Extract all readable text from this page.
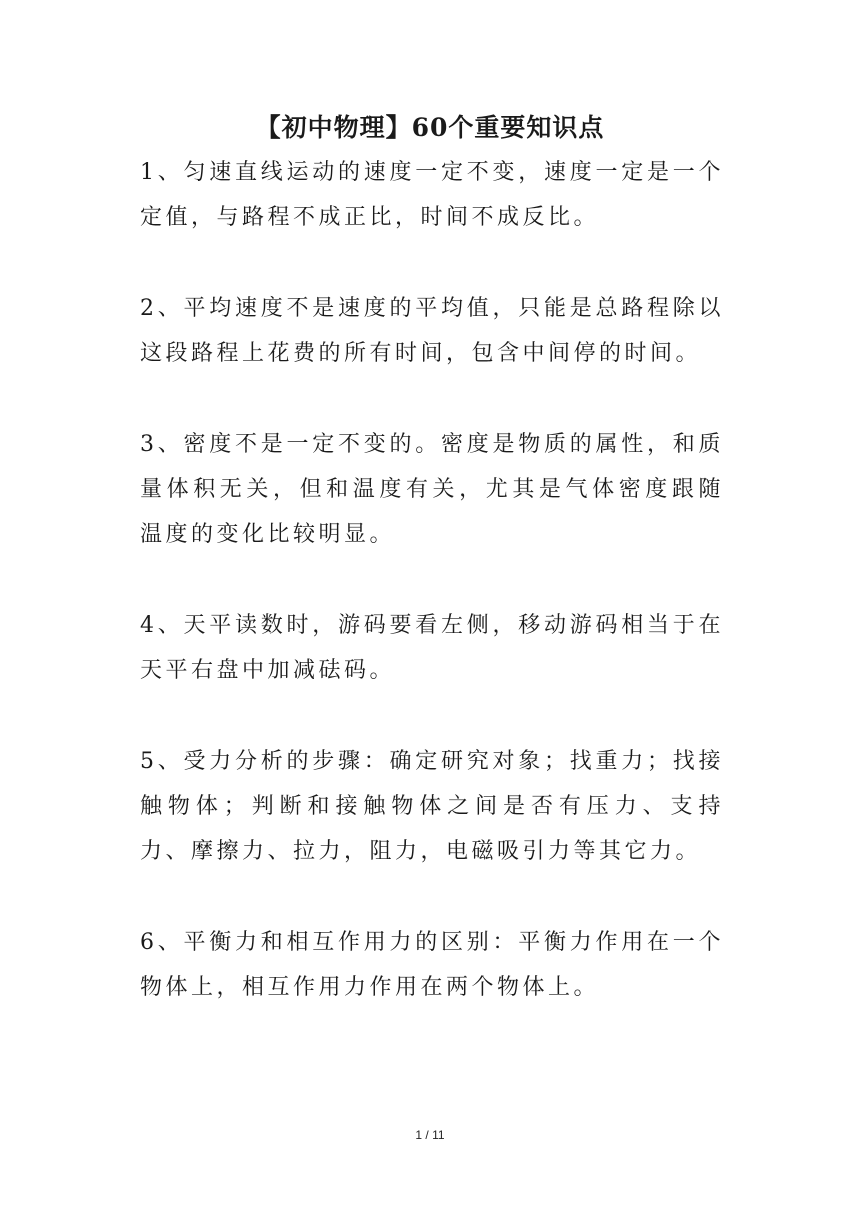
【初中物理】60个重要知识点

1、匀速直线运动的速度一定不变，速度一定是一个定值，与路程不成正比，时间不成反比。

2、平均速度不是速度的平均值，只能是总路程除以这段路程上花费的所有时间，包含中间停的时间。

3、密度不是一定不变的。密度是物质的属性，和质量体积无关，但和温度有关，尤其是气体密度跟随温度的变化比较明显。

4、天平读数时，游码要看左侧，移动游码相当于在天平右盘中加减砝码。

5、受力分析的步骤：确定研究对象；找重力；找接触物体；判断和接触物体之间是否有压力、支持力、摩擦力、拉力，阻力，电磁吸引力等其它力。

6、平衡力和相互作用力的区别：平衡力作用在一个物体上，相互作用力作用在两个物体上。

1 / 11
